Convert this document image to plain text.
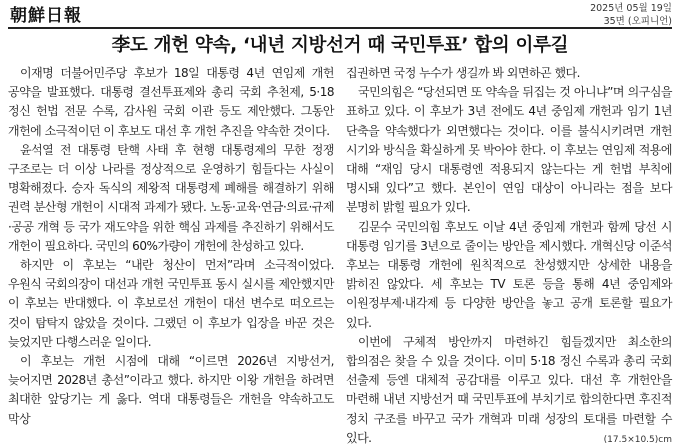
朝鮮日報	2025년 05월 19일
35면 (오피니언)
李도 개헌 약속, ‘내년 지방선거 때 국민투표’ 합의 이루길

이재명 더불어민주당 후보가 18일 대통령 4년 연임제 개헌 공약을 발표했다. 대통령 결선투표제와 총리 국회 추천제, 5·18 정신 헌법 전문 수록, 감사원 국회 이관 등도 제안했다. 그동안 개헌에 소극적이던 이 후보도 대선 후 개헌 추진을 약속한 것이다.

윤석열 전 대통령 탄핵 사태 후 현행 대통령제의 무한 정쟁 구조로는 더 이상 나라를 정상적으로 운영하기 힘들다는 사실이 명확해졌다. 승자 독식의 제왕적 대통령제 폐해를 해결하기 위해 권력 분산형 개헌이 시대적 과제가 됐다. 노동·교육·연금·의료·규제·공공 개혁 등 국가 재도약을 위한 핵심 과제를 추진하기 위해서도 개헌이 필요하다. 국민의 60%가량이 개헌에 찬성하고 있다.

하지만 이 후보는 “내란 청산이 먼저”라며 소극적이었다. 우원식 국회의장이 대선과 개헌 국민투표 동시 실시를 제안했지만 이 후보는 반대했다. 이 후보로선 개헌이 대선 변수로 떠오르는 것이 탐탁지 않았을 것이다. 그랬던 이 후보가 입장을 바꾼 것은 늦었지만 다행스러운 일이다.

이 후보는 개헌 시점에 대해 “이르면 2026년 지방선거, 늦어지면 2028년 총선”이라고 했다. 하지만 이왕 개헌을 하려면 최대한 앞당기는 게 옳다. 역대 대통령들은 개헌을 약속하고도 막상

집권하면 국정 누수가 생길까 봐 외면하곤 했다.

국민의힘은 “당선되면 또 약속을 뒤집는 것 아니냐”며 의구심을 표하고 있다. 이 후보가 3년 전에도 4년 중임제 개헌과 임기 1년 단축을 약속했다가 외면했다는 것이다. 이를 불식시키려면 개헌 시기와 방식을 확실하게 못 박아야 한다. 이 후보는 연임제 적용에 대해 “재임 당시 대통령엔 적용되지 않는다는 게 헌법 부칙에 명시돼 있다”고 했다. 본인이 연임 대상이 아니라는 점을 보다 분명히 밝힐 필요가 있다.

김문수 국민의힘 후보도 이날 4년 중임제 개헌과 함께 당선 시 대통령 임기를 3년으로 줄이는 방안을 제시했다. 개혁신당 이준석 후보는 대통령 개헌에 원칙적으로 찬성했지만 상세한 내용을 밝히진 않았다. 세 후보는 TV 토론 등을 통해 4년 중임제와 이원정부제·내각제 등 다양한 방안을 놓고 공개 토론할 필요가 있다.

이번에 구체적 방안까지 마련하긴 힘들겠지만 최소한의 합의점은 찾을 수 있을 것이다. 이미 5·18 정신 수록과 총리 국회 선출제 등엔 대체적 공감대를 이루고 있다. 대선 후 개헌안을 마련해 내년 지방선거 때 국민투표에 부치기로 합의한다면 후진적 정치 구조를 바꾸고 국가 개혁과 미래 성장의 토대를 마련할 수 있다.	(17.5×10.5)cm
